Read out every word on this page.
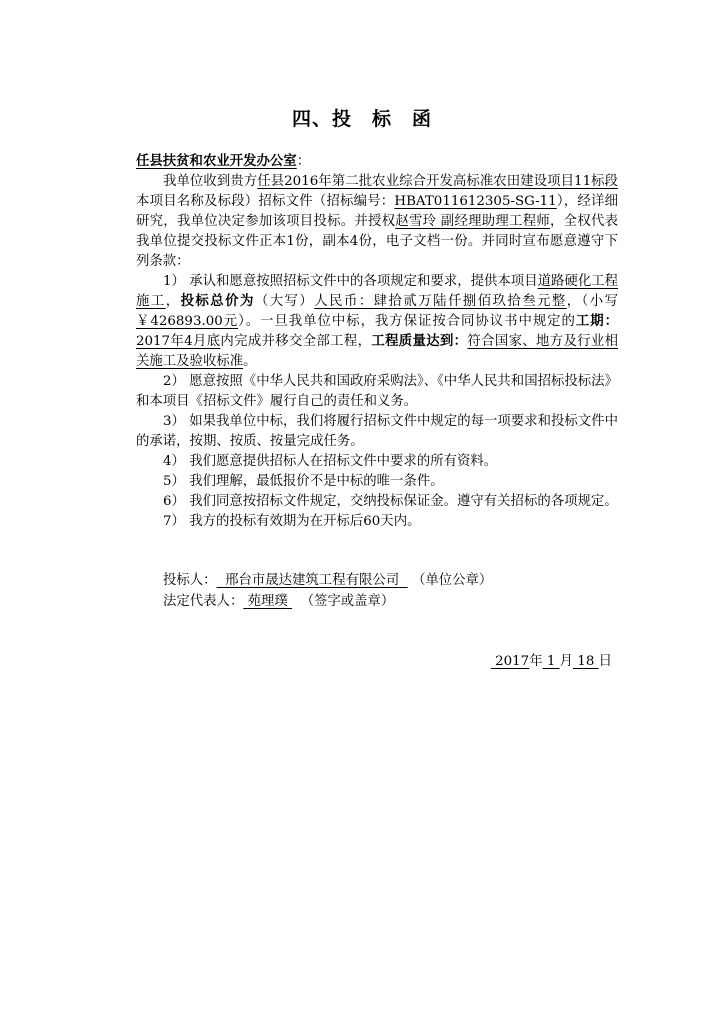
四、投　标　函

任县扶贫和农业开发办公室：

我单位收到贵方任县2016年第二批农业综合开发高标准农田建设项目11标段本项目名称及标段）招标文件（招标编号：HBAT011612305-SG-11），经详细研究，我单位决定参加该项目投标。并授权赵雪玲 副经理助理工程师，全权代表我单位提交投标文件正本1份，副本4份，电子文档一份。并同时宣布愿意遵守下列条款：

1） 承认和愿意按照招标文件中的各项规定和要求，提供本项目道路硬化工程施工，投标总价为（大写）人民币：肆拾贰万陆仟捌佰玖拾叁元整，（小写￥426893.00元）。一旦我单位中标，我方保证按合同协议书中规定的工期：2017年4月底内完成并移交全部工程，工程质量达到：符合国家、地方及行业相关施工及验收标准。

2） 愿意按照《中华人民共和国政府采购法》、《中华人民共和国招标投标法》和本项目《招标文件》履行自己的责任和义务。

3） 如果我单位中标，我们将履行招标文件中规定的每一项要求和投标文件中的承诺，按期、按质、按量完成任务。

4） 我们愿意提供招标人在招标文件中要求的所有资料。

5） 我们理解，最低报价不是中标的唯一条件。

6） 我们同意按招标文件规定，交纳投标保证金。遵守有关招标的各项规定。

7） 我方的投标有效期为在开标后60天内。

投标人： 邢台市晟达建筑工程有限公司 （单位公章）
法定代表人： 苑理璞 （签字或盖章）
2017年 1 月 18 日
